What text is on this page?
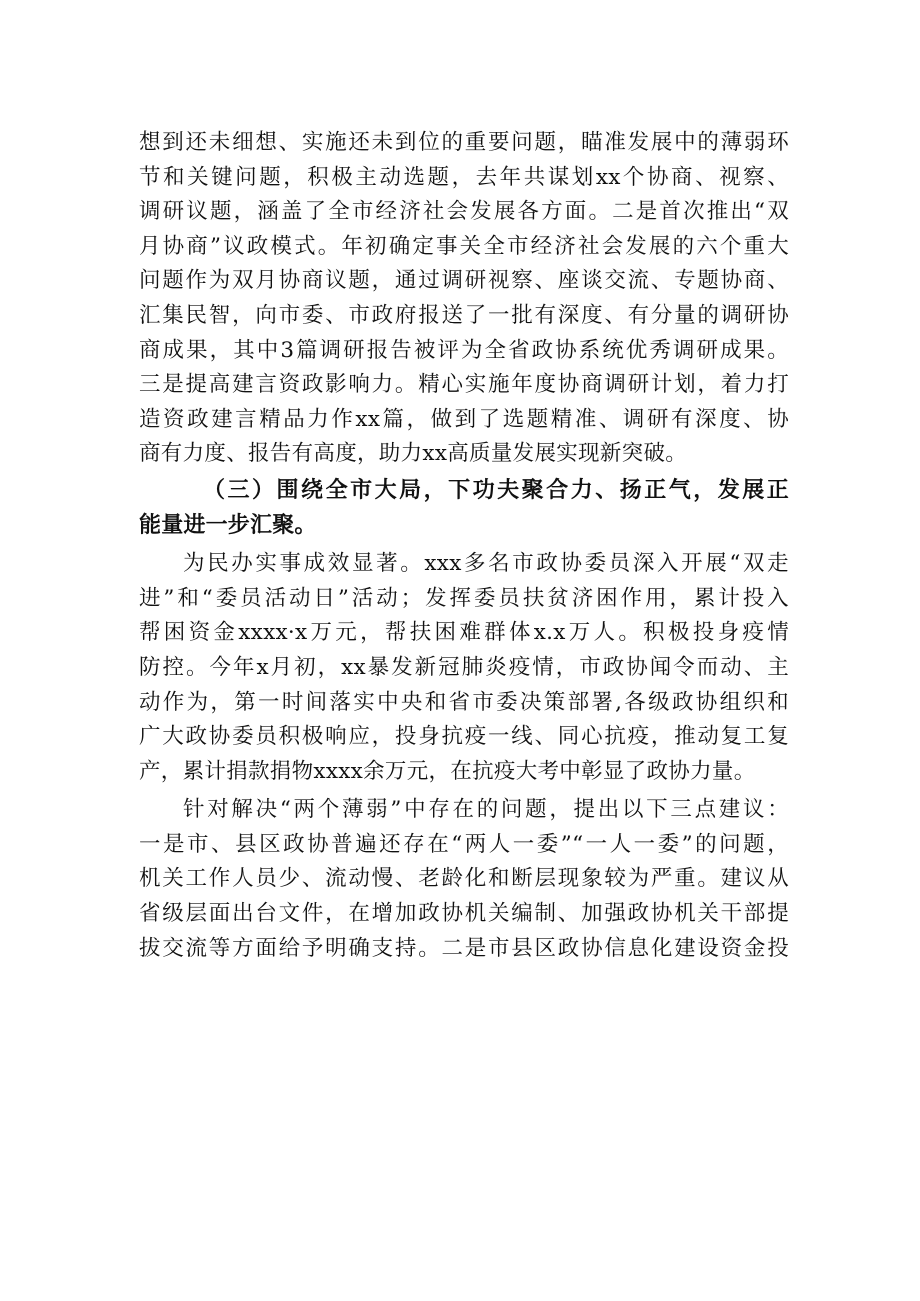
想到还未细想、实施还未到位的重要问题，瞄准发展中的薄弱环
节和关键问题，积极主动选题，去年共谋划xx个协商、视察、
调研议题，涵盖了全市经济社会发展各方面。二是首次推出“双
月协商”议政模式。年初确定事关全市经济社会发展的六个重大
问题作为双月协商议题，通过调研视察、座谈交流、专题协商、
汇集民智，向市委、市政府报送了一批有深度、有分量的调研协
商成果，其中3篇调研报告被评为全省政协系统优秀调研成果。
三是提高建言资政影响力。精心实施年度协商调研计划，着力打
造资政建言精品力作xx篇，做到了选题精准、调研有深度、协
商有力度、报告有高度，助力xx高质量发展实现新突破。

（三）围绕全市大局，下功夫聚合力、扬正气，发展正
能量进一步汇聚。

为民办实事成效显著。xxx多名市政协委员深入开展“双走
进”和“委员活动日”活动；发挥委员扶贫济困作用，累计投入
帮困资金xxxx·x万元，帮扶困难群体x.x万人。积极投身疫情
防控。今年x月初，xx暴发新冠肺炎疫情，市政协闻令而动、主
动作为，第一时间落实中央和省市委决策部署,各级政协组织和
广大政协委员积极响应，投身抗疫一线、同心抗疫，推动复工复
产，累计捐款捐物xxxx余万元，在抗疫大考中彰显了政协力量。

针对解决“两个薄弱”中存在的问题，提出以下三点建议：
一是市、县区政协普遍还存在“两人一委”“一人一委”的问题，
机关工作人员少、流动慢、老龄化和断层现象较为严重。建议从
省级层面出台文件，在增加政协机关编制、加强政协机关干部提
拔交流等方面给予明确支持。二是市县区政协信息化建设资金投
